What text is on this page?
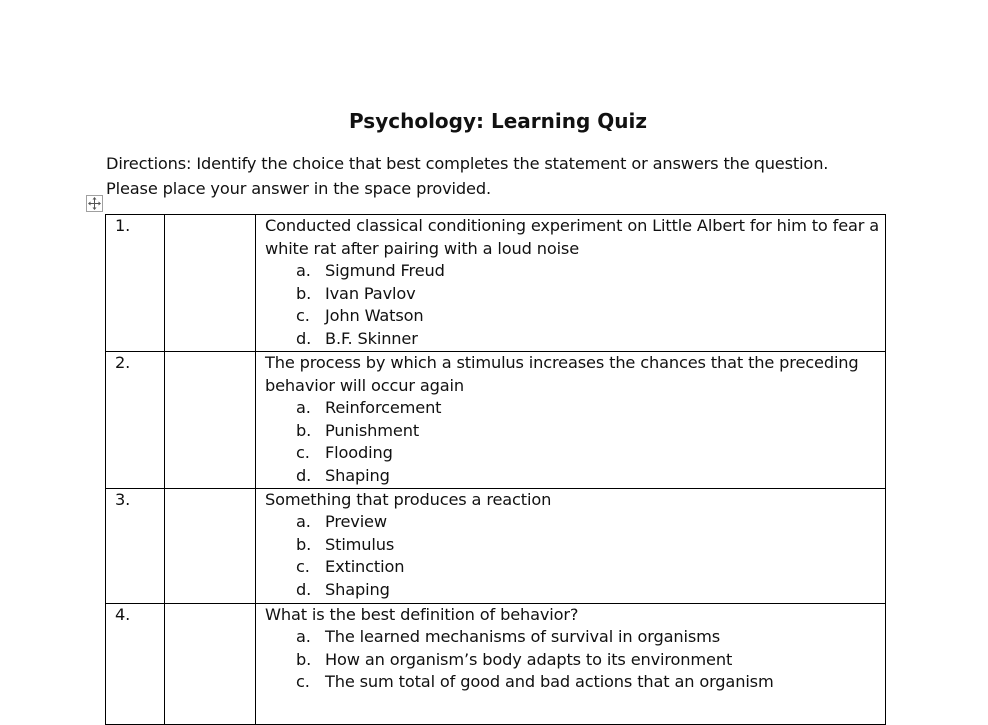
Psychology: Learning Quiz
Directions: Identify the choice that best completes the statement or answers the question. Please place your answer in the space provided.
1.		Conducted classical conditioning experiment on Little Albert for him to fear a white rat after pairing with a loud noise
a. Sigmund Freud
b. Ivan Pavlov
c. John Watson
d. B.F. Skinner

2.		The process by which a stimulus increases the chances that the preceding behavior will occur again
a. Reinforcement
b. Punishment
c. Flooding
d. Shaping

3.		Something that produces a reaction
a. Preview
b. Stimulus
c. Extinction
d. Shaping

4.		What is the best definition of behavior?
a. The learned mechanisms of survival in organisms
b. How an organism’s body adapts to its environment
c. The sum total of good and bad actions that an organism
